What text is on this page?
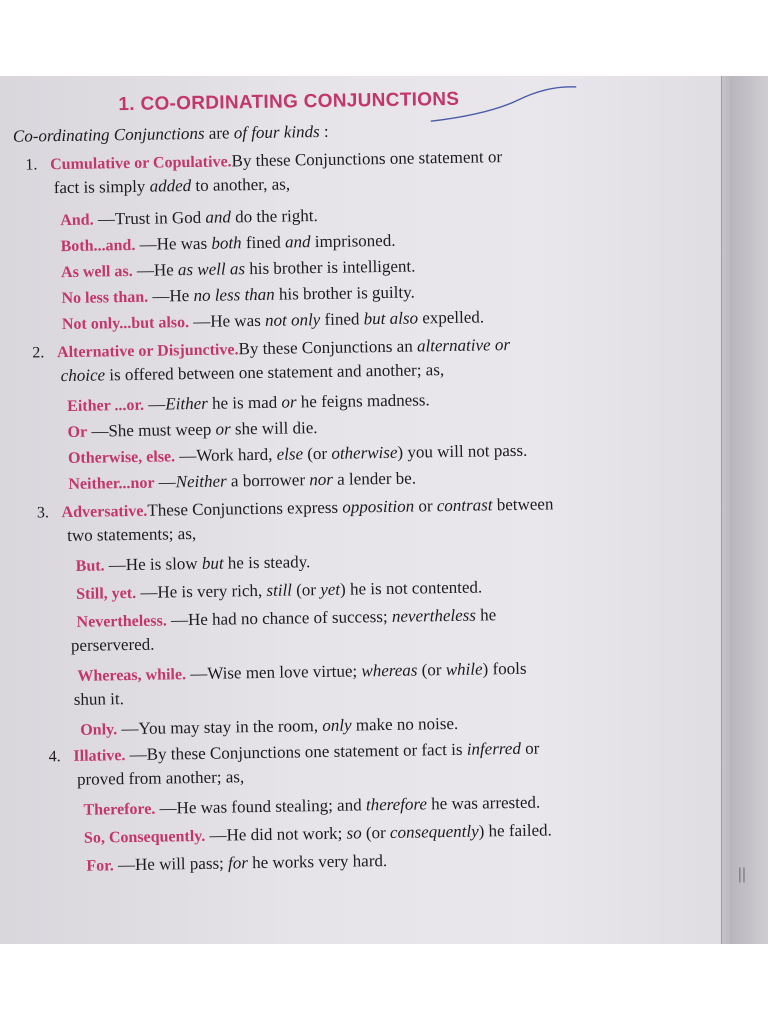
1. CO-ORDINATING CONJUNCTIONS
Co-ordinating Conjunctions are of four kinds :
1. Cumulative or Copulative.By these Conjunctions one statement or
fact is simply added to another, as,
And. —Trust in God and do the right.
Both...and. —He was both fined and imprisoned.
As well as. —He as well as his brother is intelligent.
No less than. —He no less than his brother is guilty.
Not only...but also. —He was not only fined but also expelled.
2. Alternative or Disjunctive.By these Conjunctions an alternative or
choice is offered between one statement and another; as,
Either ...or. —Either he is mad or he feigns madness.
Or —She must weep or she will die.
Otherwise, else. —Work hard, else (or otherwise) you will not pass.
Neither...nor —Neither a borrower nor a lender be.
3. Adversative.These Conjunctions express opposition or contrast between
two statements; as,
But. —He is slow but he is steady.
Still, yet. —He is very rich, still (or yet) he is not contented.
Nevertheless. —He had no chance of success; nevertheless he
perservered.
Whereas, while. —Wise men love virtue; whereas (or while) fools
shun it.
Only. —You may stay in the room, only make no noise.
4. Illative. —By these Conjunctions one statement or fact is inferred or
proved from another; as,
Therefore. —He was found stealing; and therefore he was arrested.
So, Consequently. —He did not work; so (or consequently) he failed.
For. —He will pass; for he works very hard.
||
